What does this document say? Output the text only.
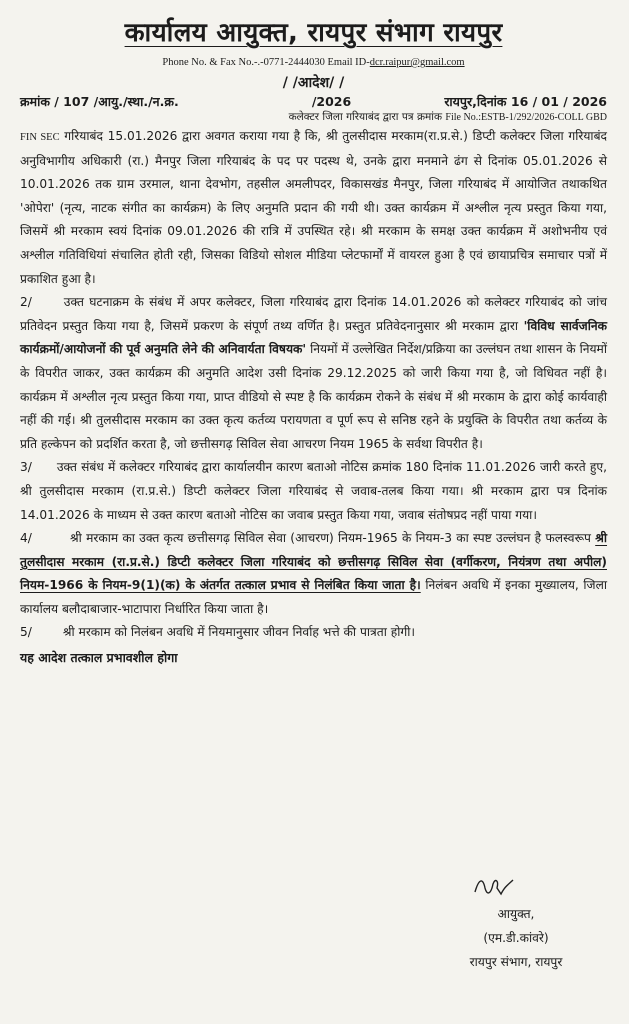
कार्यालय आयुक्त, रायपुर संभाग रायपुर
Phone No. & Fax No.-.-0771-2444030 Email ID-dcr.raipur@gmail.com
/ /आदेश/ /
क्रमांक / 107 /आयु./स्था./न.क्र.	/2026	रायपुर,दिनांक 16 / 01 / 2026
कलेक्टर जिला गरियाबंद द्वारा पत्र क्रमांक File No.:ESTB-1/292/2026-COLL GBD

FIN SEC गरियाबंद 15.01.2026 द्वारा अवगत कराया गया है कि, श्री तुलसीदास मरकाम(रा.प्र.से.) डिप्टी कलेक्टर जिला गरियाबंद अनुविभागीय अधिकारी (रा.) मैनपुर जिला गरियाबंद के पद पर पदस्थ थे, उनके द्वारा मनमाने ढंग से दिनांक 05.01.2026 से 10.01.2026 तक ग्राम उरमाल, थाना देवभोग, तहसील अमलीपदर, विकासखंड मैनपुर, जिला गरियाबंद में आयोजित तथाकथित 'ओपेरा' (नृत्य, नाटक संगीत का कार्यक्रम) के लिए अनुमति प्रदान की गयी थी। उक्त कार्यक्रम में अश्लील नृत्य प्रस्तुत किया गया, जिसमें श्री मरकाम स्वयं दिनांक 09.01.2026 की रात्रि में उपस्थित रहे। श्री मरकाम के समक्ष उक्त कार्यक्रम में अशोभनीय एवं अश्लील गतिविधियां संचालित होती रही, जिसका विडियो सोशल मीडिया प्लेटफार्मों में वायरल हुआ है एवं छायाप्रचित्र समाचार पत्रों में प्रकाशित हुआ है।

2/	उक्त घटनाक्रम के संबंध में अपर कलेक्टर, जिला गरियाबंद द्वारा दिनांक 14.01.2026 को कलेक्टर गरियाबंद को जांच प्रतिवेदन प्रस्तुत किया गया है, जिसमें प्रकरण के संपूर्ण तथ्य वर्णित है। प्रस्तुत प्रतिवेदनानुसार श्री मरकाम द्वारा 'विविध सार्वजनिक कार्यक्रमों/आयोजनों की पूर्व अनुमति लेने की अनिवार्यता विषयक' नियमों में उल्लेखित निर्देश/प्रक्रिया का उल्लंघन तथा शासन के नियमों के विपरीत जाकर, उक्त कार्यक्रम की अनुमति आदेश उसी दिनांक 29.12.2025 को जारी किया गया है, जो विधिवत नहीं है। कार्यक्रम में अश्लील नृत्य प्रस्तुत किया गया, प्राप्त वीडियो से स्पष्ट है कि कार्यक्रम रोकने के संबंध में श्री मरकाम के द्वारा कोई कार्यवाही नहीं की गई। श्री तुलसीदास मरकाम का उक्त कृत्य कर्तव्य परायणता व पूर्ण रूप से सनिष्ठ रहने के प्रयुक्ति के विपरीत तथा कर्तव्य के प्रति हल्केपन को प्रदर्शित करता है, जो छत्तीसगढ़ सिविल सेवा आचरण नियम 1965 के सर्वथा विपरीत है।

3/ उक्त संबंध में कलेक्टर गरियाबंद द्वारा कार्यालयीन कारण बताओ नोटिस क्रमांक 180 दिनांक 11.01.2026 जारी करते हुए, श्री तुलसीदास मरकाम (रा.प्र.से.) डिप्टी कलेक्टर जिला गरियाबंद से जवाब-तलब किया गया। श्री मरकाम द्वारा पत्र दिनांक 14.01.2026 के माध्यम से उक्त कारण बताओ नोटिस का जवाब प्रस्तुत किया गया, जवाब संतोषप्रद नहीं पाया गया।

4/	श्री मरकाम का उक्त कृत्य छत्तीसगढ़ सिविल सेवा (आचरण) नियम-1965 के नियम-3 का स्पष्ट उल्लंघन है फलस्वरूप श्री तुलसीदास मरकाम (रा.प्र.से.) डिप्टी कलेक्टर जिला गरियाबंद को छत्तीसगढ़ सिविल सेवा (वर्गीकरण, नियंत्रण तथा अपील) नियम-1966 के नियम-9(1)(क) के अंतर्गत तत्काल प्रभाव से निलंबित किया जाता है। निलंबन अवधि में इनका मुख्यालय, जिला कार्यालय बलौदाबाजार-भाटापारा निर्धारित किया जाता है।

5/	श्री मरकाम को निलंबन अवधि में नियमानुसार जीवन निर्वाह भत्ते की पात्रता होगी।

यह आदेश तत्काल प्रभावशील होगा
आयुक्त,
(एम.डी.कांवरे)
रायपुर संभाग, रायपुर
